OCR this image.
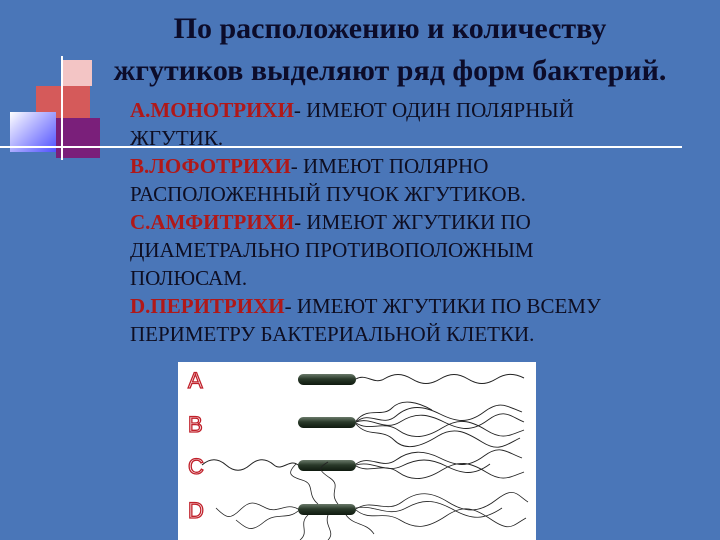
По расположению и количеству
жгутиков выделяют ряд форм бактерий.
А.МОНОТРИХИ- ИМЕЮТ ОДИН ПОЛЯРНЫЙ
ЖГУТИК.
B.ЛОФОТРИХИ- ИМЕЮТ ПОЛЯРНО
РАСПОЛОЖЕННЫЙ ПУЧОК ЖГУТИКОВ.
C.АМФИТРИХИ- ИМЕЮТ ЖГУТИКИ ПО
ДИАМЕТРАЛЬНО ПРОТИВОПОЛОЖНЫМ
ПОЛЮСАМ.
D.ПЕРИТРИХИ- ИМЕЮТ ЖГУТИКИ ПО ВСЕМУ
ПЕРИМЕТРУ БАКТЕРИАЛЬНОЙ КЛЕТКИ.
A
B
C
D
